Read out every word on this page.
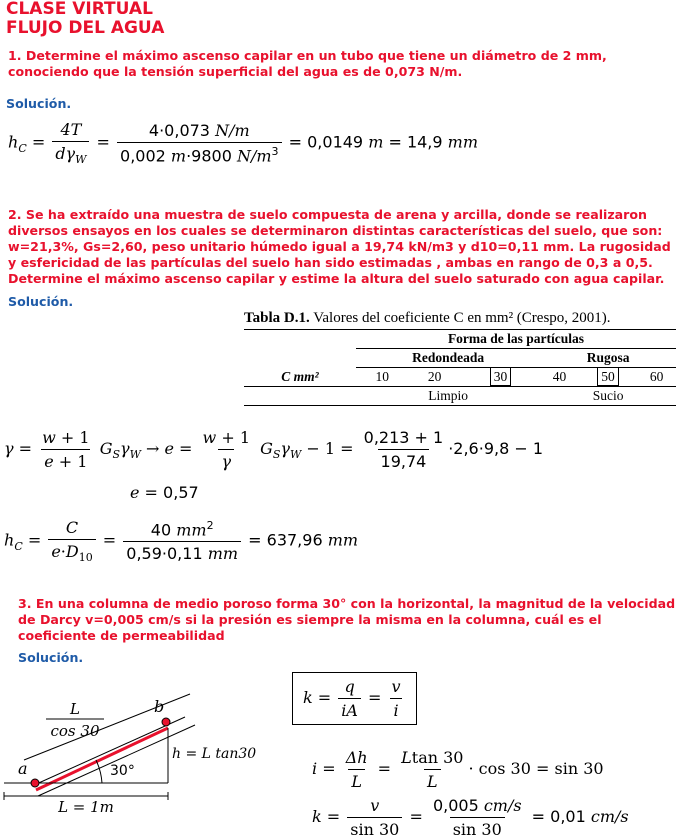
CLASE VIRTUAL
FLUJO DEL AGUA
1. Determine el máximo ascenso capilar en un tubo que tiene un diámetro de 2 mm, conociendo que la tensión superficial del agua es de 0,073 N/m.
Solución.
$h_C = \frac{4T}{d\gamma_W} = \frac{4\cdot 0,073 N/m}{0,002 m\cdot 9800 N/m^3} = 0,0149$ m = 14,9 mm
2. Se ha extraído una muestra de suelo compuesta de arena y arcilla, donde se realizaron diversos ensayos en los cuales se determinaron distintas características del suelo, que son: w=21,3%, Gs=2,60, peso unitario húmedo igual a 19,74 kN/m3 y d10=0,11 mm. La rugosidad y esfericidad de las partículas del suelo han sido estimadas , ambas en rango de 0,3 a 0,5. Determine el máximo ascenso capilar y estime la altura del suelo saturado con agua capilar.
Solución.
Tabla D.1. Valores del coeficiente C en mm² (Crespo, 2001).
	Forma de las partículas					
	Redondeada			Rugosa		
C mm²	10	20	30	40	50	60
	Limpio			Sucio		
$\gamma = \frac{w + 1}{e + 1} G_S\gamma_W \to e = \frac{w + 1}{\gamma} G_S\gamma_W - 1 = \frac{0,213 + 1}{19,74} \cdot 2,6\cdot 9,8 - 1$
e = 0,57
$h_C = \frac{C}{e\cdot D_{10}} = \frac{40 mm^2}{0,59\cdot 0,11 mm} = 637,96$ mm
3. En una columna de medio poroso forma 30° con la horizontal, la magnitud de la velocidad de Darcy v=0,005 cm/s si la presión es siempre la misma en la columna, cuál es el coeficiente de permeabilidad
Solución.
L
cos 30
a
b
30°
h = L tan30
L = 1m
$k = \frac{q}{iA} = \frac{v}{i}$
$i = \frac{\Delta h}{L} = \frac{Ltan 30}{L} \cdot \cos 30 = \sin 30$
$k = \frac{v}{\sin 30} = \frac{0,005 cm/s}{\sin 30} = 0,01$ cm/s
